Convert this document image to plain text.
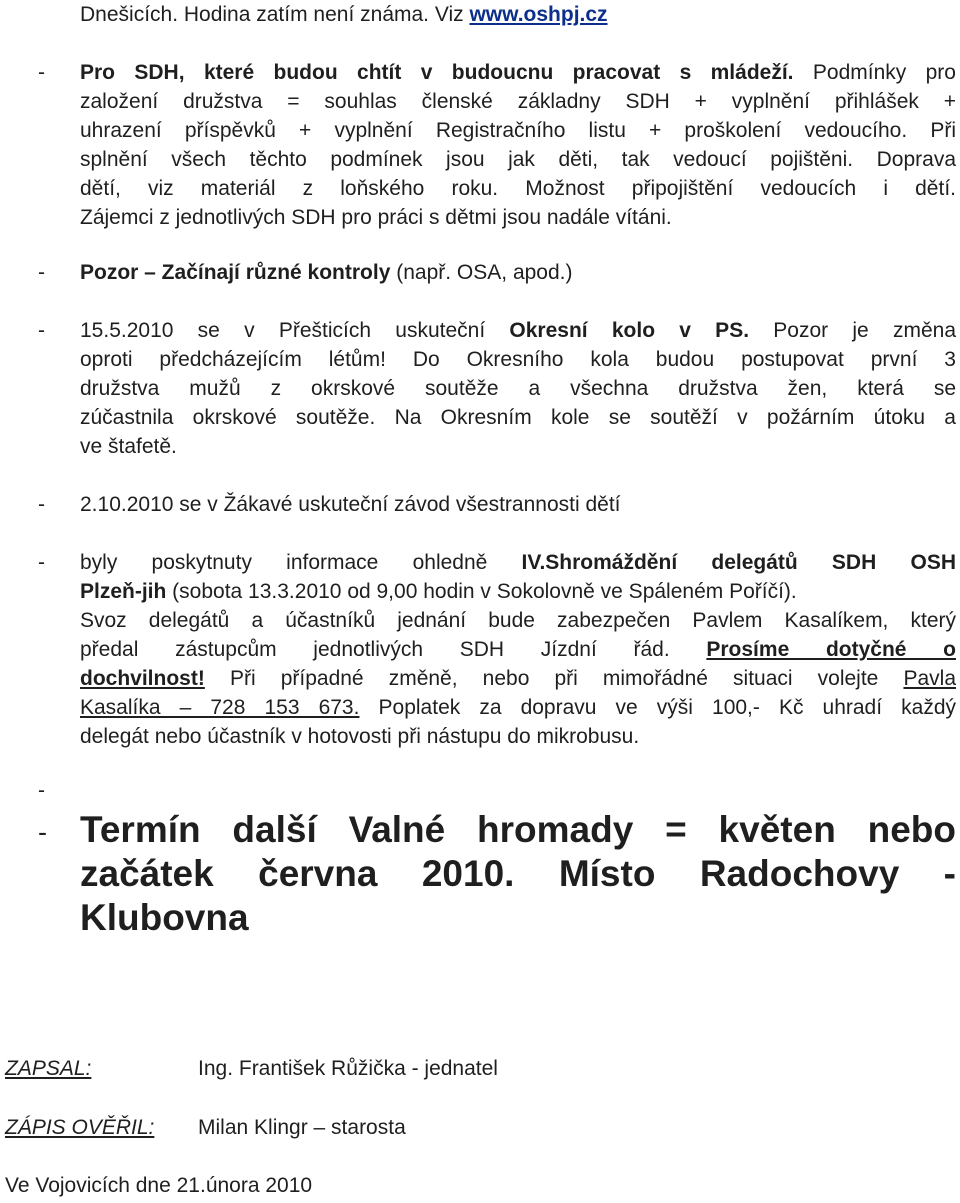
Dnešicích. Hodina zatím není známa. Viz www.oshpj.cz
- Pro SDH, které budou chtít v budoucnu pracovat s mládeží. Podmínky pro
založení družstva = souhlas členské základny SDH + vyplnění přihlášek +
uhrazení příspěvků + vyplnění Registračního listu + proškolení vedoucího. Při
splnění všech těchto podmínek jsou jak děti, tak vedoucí pojištěni. Doprava
dětí, viz materiál z loňského roku. Možnost připojištění vedoucích i dětí.
Zájemci z jednotlivých SDH pro práci s dětmi jsou nadále vítáni.
- Pozor – Začínají různé kontroly (např. OSA, apod.)
- 15.5.2010 se v Přešticích uskuteční Okresní kolo v PS. Pozor je změna
oproti předcházejícím létům! Do Okresního kola budou postupovat první 3
družstva mužů z okrskové soutěže a všechna družstva žen, která se
zúčastnila okrskové soutěže. Na Okresním kole se soutěží v požárním útoku a
ve štafetě.
- 2.10.2010 se v Žákavé uskuteční závod všestrannosti dětí
- byly poskytnuty informace ohledně IV.Shromáždění delegátů SDH OSH
Plzeň-jih (sobota 13.3.2010 od 9,00 hodin v Sokolovně ve Spáleném Poříčí).
Svoz delegátů a účastníků jednání bude zabezpečen Pavlem Kasalíkem, který
předal zástupcům jednotlivých SDH Jízdní řád. Prosíme dotyčné o
dochvilnost! Při případné změně, nebo při mimořádné situaci volejte Pavla
Kasalíka – 728 153 673. Poplatek za dopravu ve výši 100,- Kč uhradí každý
delegát nebo účastník v hotovosti při nástupu do mikrobusu.
-
- Termín další Valné hromady = květen nebo
začátek června 2010. Místo Radochovy -
Klubovna
ZAPSAL:	Ing. František Růžička - jednatel
ZÁPIS OVĚŘIL: Milan Klingr – starosta
Ve Vojovicích dne 21.února 2010
